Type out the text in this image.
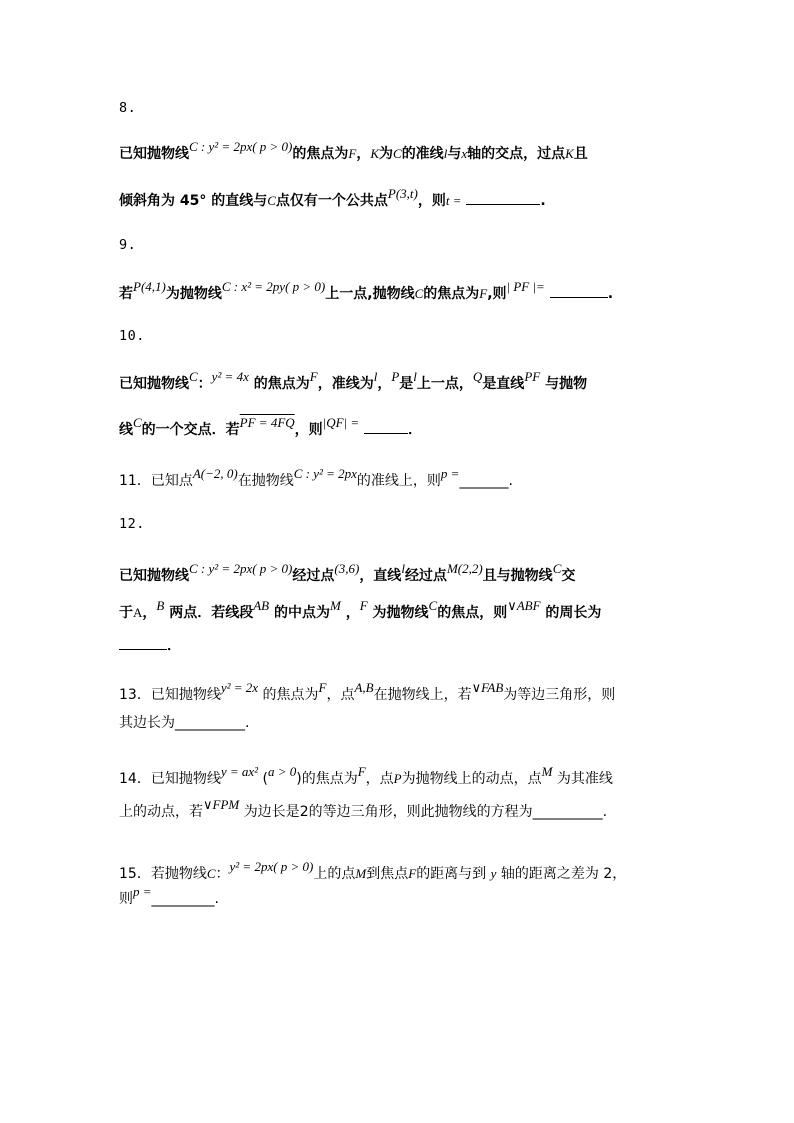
8.
已知抛物线C : y² = 2px( p > 0)的焦点为F，K为C的准线l与x轴的交点，过点K且
倾斜角为 45° 的直线与C点仅有一个公共点P(3,t)，则t =	.
9.
若P(4,1)为抛物线C : x² = 2py( p > 0)上一点,抛物线C的焦点为F,则| PF |=	.
10.
已知抛物线C：y² = 4x 的焦点为F，准线为l，P是l上一点，Q是直线PF 与抛物
线C的一个交点．若PF = 4FQ，则|QF| =	．
11．已知点A(−2, 0)在抛物线C : y² = 2px的准线上，则p =_______.
12.
已知抛物线C : y² = 2px( p > 0)经过点(3,6)，直线l经过点M(2,2)且与抛物线C交
于A，B 两点．若线段AB 的中点为M ，F 为抛物线C的焦点，则∨ABF 的周长为
．
13．已知抛物线y² = 2x 的焦点为F，点A,B在抛物线上，若∨FAB为等边三角形，则
其边长为__________.
14．已知抛物线y = ax² (a > 0)的焦点为F，点P为抛物线上的动点，点M 为其准线
上的动点，若∨FPM 为边长是2的等边三角形，则此抛物线的方程为__________.
15．若抛物线C：y² = 2px( p > 0)上的点M到焦点F的距离与到 y 轴的距离之差为 2，
则p =_________.
